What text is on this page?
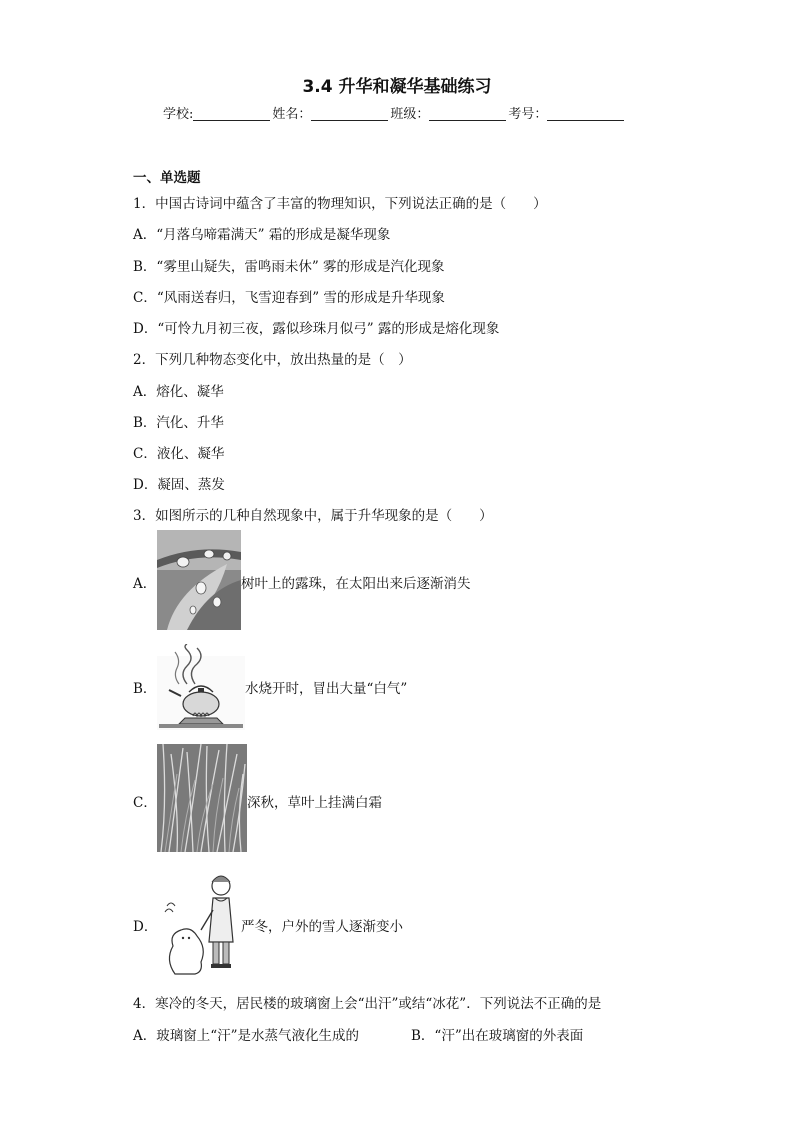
3.4 升华和凝华基础练习
学校:	姓名：	班级：	考号：
一、单选题
1．中国古诗词中蕴含了丰富的物理知识，下列说法正确的是（　　）
A．“月落乌啼霜满天” 霜的形成是凝华现象
B．“雾里山疑失，雷鸣雨未休” 雾的形成是汽化现象
C．“风雨送春归，飞雪迎春到” 雪的形成是升华现象
D．“可怜九月初三夜，露似珍珠月似弓” 露的形成是熔化现象
2．下列几种物态变化中，放出热量的是（　）
A．熔化、凝华
B．汽化、升华
C．液化、凝华
D．凝固、蒸发
3．如图所示的几种自然现象中，属于升华现象的是（　　）
A．	树叶上的露珠，在太阳出来后逐渐消失
B．	水烧开时，冒出大量“白气”
C．	深秋，草叶上挂满白霜
D．	严冬，户外的雪人逐渐变小
4．寒冷的冬天，居民楼的玻璃窗上会“出汗”或结“冰花”．下列说法不正确的是
A．玻璃窗上“汗”是水蒸气液化生成的	B．“汗”出在玻璃窗的外表面
